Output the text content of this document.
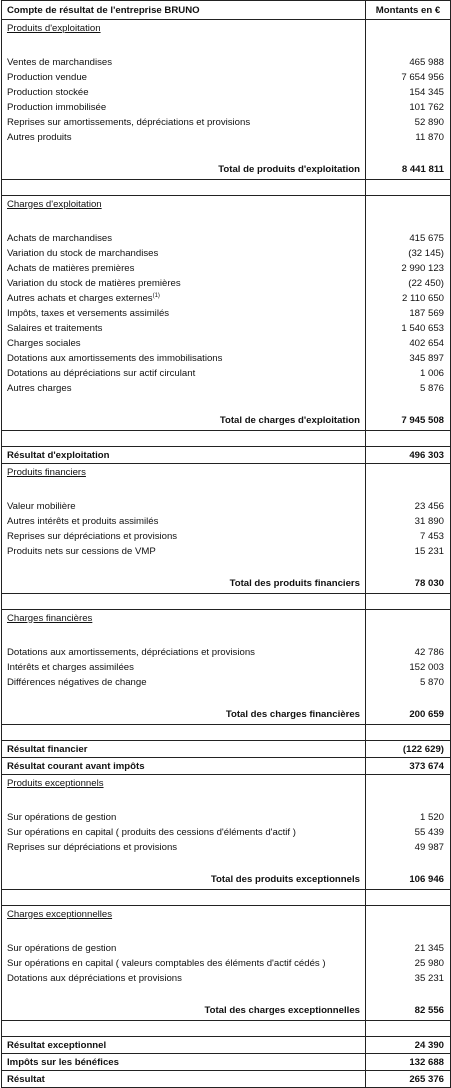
Compte de résultat de l'entreprise BRUNO	Montants en €
Produits d'exploitation	

Ventes de marchandises	465 988
Production vendue	7 654 956
Production stockée	154 345
Production immobilisée	101 762
Reprises sur amortissements, dépréciations et provisions	52 890
Autres produits	11 870

Total de produits d'exploitation	8 441 811

Charges d'exploitation	

Achats de marchandises	415 675
Variation du stock de marchandises	(32 145)
Achats de matières premières	2 990 123
Variation du stock de matières premières	(22 450)
Autres achats et charges externes$^{(1)}$	2 110 650
Impôts, taxes et versements assimilés	187 569
Salaires et traitements	1 540 653
Charges sociales	402 654
Dotations aux amortissements des immobilisations	345 897
Dotations au dépréciations sur actif circulant	1 006
Autres charges	5 876

Total de charges d'exploitation	7 945 508

Résultat d'exploitation	496 303
Produits financiers	

Valeur mobilière	23 456
Autres intérêts et produits assimilés	31 890
Reprises sur dépréciations et provisions	7 453
Produits nets sur cessions de VMP	15 231

Total des produits financiers	78 030

Charges financières	

Dotations aux amortissements, dépréciations et provisions	42 786
Intérêts et charges assimilées	152 003
Différences négatives de change	5 870

Total des charges financières	200 659

Résultat financier	(122 629)
Résultat courant avant impôts	373 674
Produits exceptionnels	

Sur opérations de gestion	1 520
Sur opérations en capital ( produits des cessions d'éléments d'actif )	55 439
Reprises sur dépréciations et provisions	49 987

Total des produits exceptionnels	106 946

Charges exceptionnelles	

Sur opérations de gestion	21 345
Sur opérations en capital ( valeurs comptables des éléments d'actif cédés )	25 980
Dotations aux dépréciations et provisions	35 231

Total des charges exceptionnelles	82 556

Résultat exceptionnel	24 390
Impôts sur les bénéfices	132 688
Résultat	265 376
